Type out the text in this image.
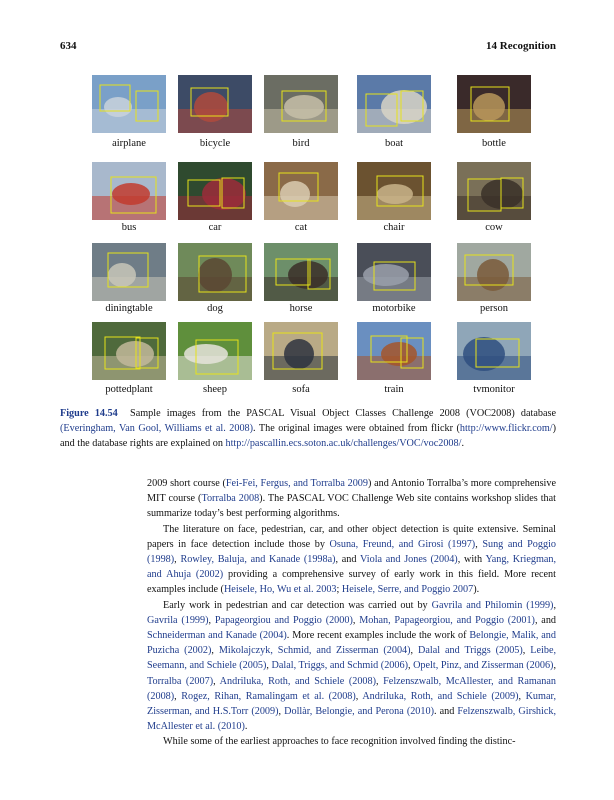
634	14 Recognition
airplane	bicycle	bird	boat	bottle
bus	car	cat	chair	cow
diningtable	dog	horse	motorbike	person
pottedplant	sheep	sofa	train	tvmonitor
Figure 14.54 Sample images from the PASCAL Visual Object Classes Challenge 2008 (VOC2008) database (Everingham, Van Gool, Williams et al. 2008). The original images were obtained from flickr (http://www.flickr.com/) and the database rights are explained on http://pascallin.ecs.soton.ac.uk/challenges/VOC/voc2008/.

2009 short course (Fei-Fei, Fergus, and Torralba 2009) and Antonio Torralba’s more comprehensive MIT course (Torralba 2008). The PASCAL VOC Challenge Web site contains workshop slides that summarize today’s best performing algorithms.

The literature on face, pedestrian, car, and other object detection is quite extensive. Seminal papers in face detection include those by Osuna, Freund, and Girosi (1997), Sung and Poggio (1998), Rowley, Baluja, and Kanade (1998a), and Viola and Jones (2004), with Yang, Kriegman, and Ahuja (2002) providing a comprehensive survey of early work in this field. More recent examples include (Heisele, Ho, Wu et al. 2003; Heisele, Serre, and Poggio 2007).

Early work in pedestrian and car detection was carried out by Gavrila and Philomin (1999), Gavrila (1999), Papageorgiou and Poggio (2000), Mohan, Papageorgiou, and Poggio (2001), and Schneiderman and Kanade (2004). More recent examples include the work of Belongie, Malik, and Puzicha (2002), Mikolajczyk, Schmid, and Zisserman (2004), Dalal and Triggs (2005), Leibe, Seemann, and Schiele (2005), Dalal, Triggs, and Schmid (2006), Opelt, Pinz, and Zisserman (2006), Torralba (2007), Andriluka, Roth, and Schiele (2008), Felzenszwalb, McAllester, and Ramanan (2008), Rogez, Rihan, Ramalingam et al. (2008), Andriluka, Roth, and Schiele (2009), Kumar, Zisserman, and H.S.Torr (2009), Dollàr, Belongie, and Perona (2010). and Felzenszwalb, Girshick, McAllester et al. (2010).

While some of the earliest approaches to face recognition involved finding the distinc-
